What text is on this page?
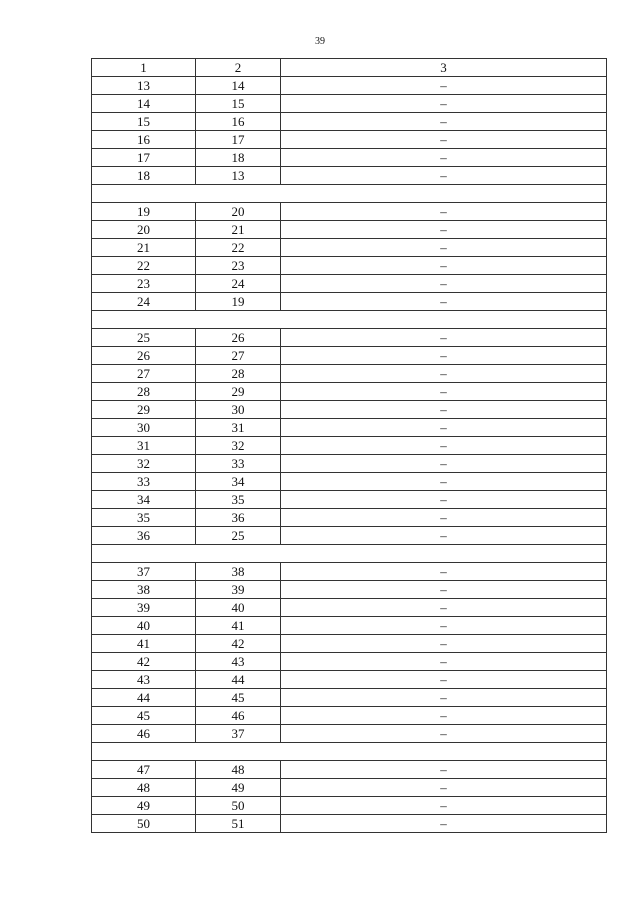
39
1	2	3
13	14	–
14	15	–
15	16	–
16	17	–
17	18	–
18	13	–

19	20	–
20	21	–
21	22	–
22	23	–
23	24	–
24	19	–

25	26	–
26	27	–
27	28	–
28	29	–
29	30	–
30	31	–
31	32	–
32	33	–
33	34	–
34	35	–
35	36	–
36	25	–

37	38	–
38	39	–
39	40	–
40	41	–
41	42	–
42	43	–
43	44	–
44	45	–
45	46	–
46	37	–

47	48	–
48	49	–
49	50	–
50	51	–
